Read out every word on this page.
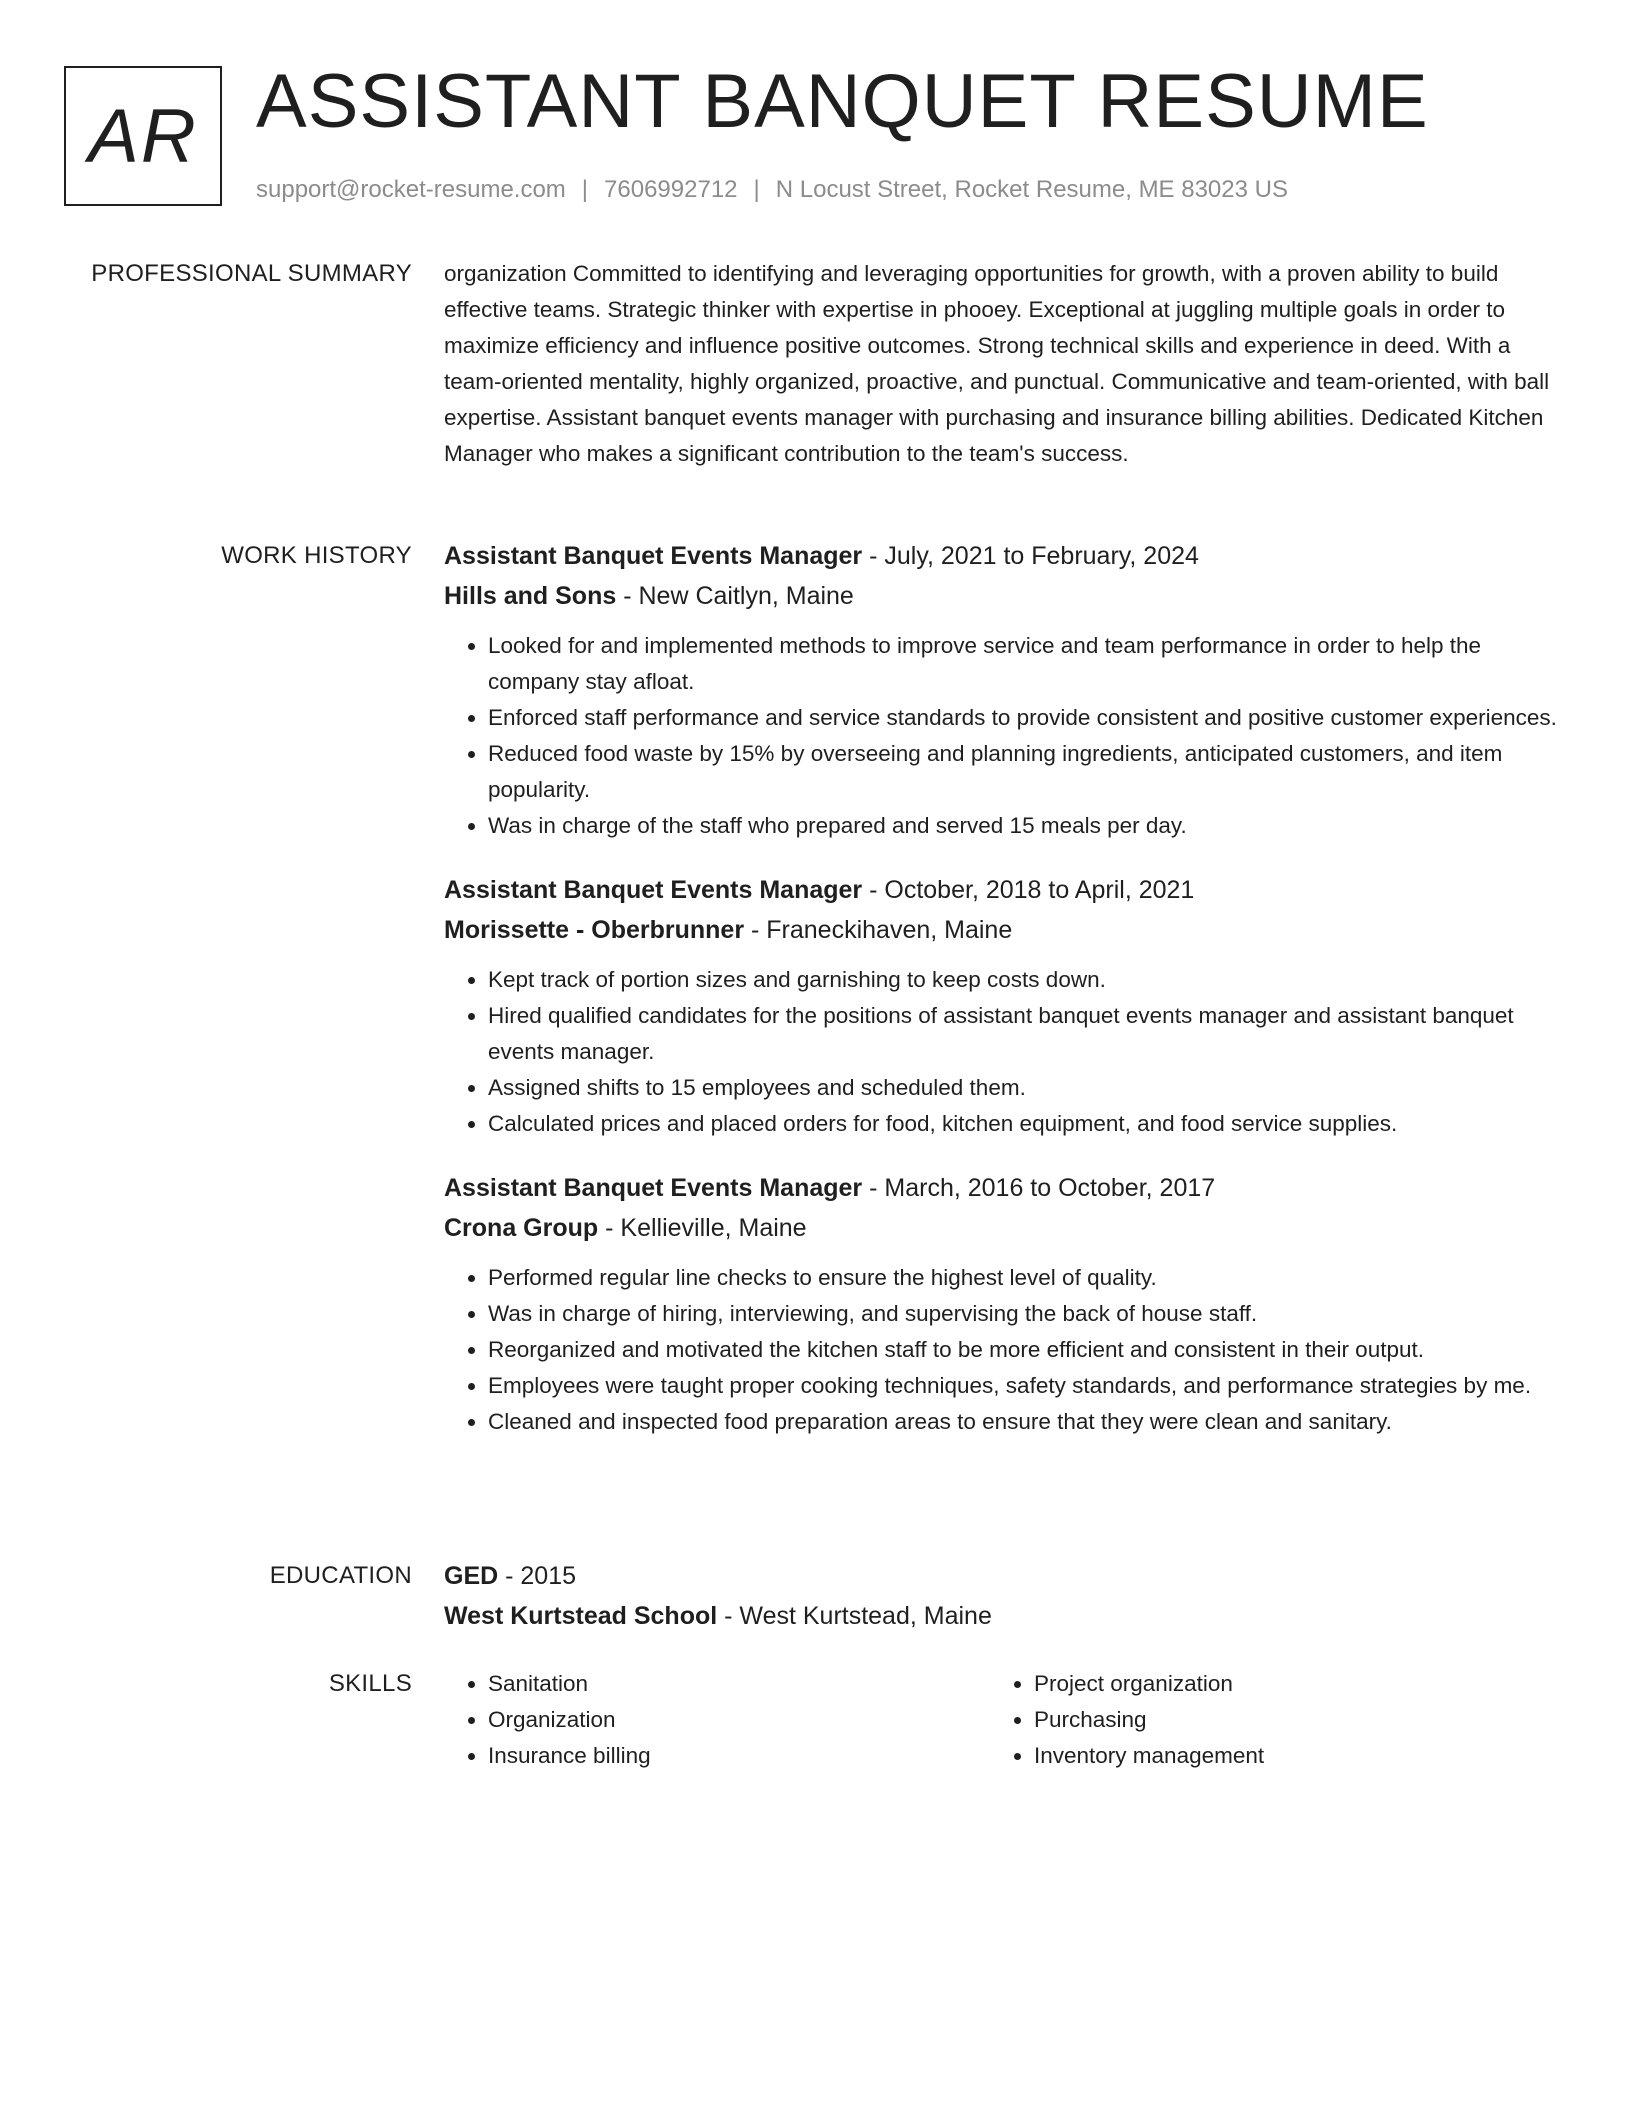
AR ASSISTANT BANQUET RESUME
support@rocket-resume.com | 7606992712 | N Locust Street, Rocket Resume, ME 83023 US
PROFESSIONAL SUMMARY organization Committed to identifying and leveraging opportunities for growth, with a proven ability to build effective teams. Strategic thinker with expertise in phooey. Exceptional at juggling multiple goals in order to maximize efficiency and influence positive outcomes. Strong technical skills and experience in deed. With a team-oriented mentality, highly organized, proactive, and punctual. Communicative and team-oriented, with ball expertise. Assistant banquet events manager with purchasing and insurance billing abilities. Dedicated Kitchen Manager who makes a significant contribution to the team's success.

WORK HISTORY Assistant Banquet Events Manager - July, 2021 to February, 2024

Hills and Sons - New Caitlyn, Maine

• Looked for and implemented methods to improve service and team performance in order to help the company stay afloat.
• Enforced staff performance and service standards to provide consistent and positive customer experiences.
• Reduced food waste by 15% by overseeing and planning ingredients, anticipated customers, and item popularity.
• Was in charge of the staff who prepared and served 15 meals per day.

Assistant Banquet Events Manager - October, 2018 to April, 2021

Morissette - Oberbrunner - Franeckihaven, Maine

• Kept track of portion sizes and garnishing to keep costs down.
• Hired qualified candidates for the positions of assistant banquet events manager and assistant banquet events manager.
• Assigned shifts to 15 employees and scheduled them.
• Calculated prices and placed orders for food, kitchen equipment, and food service supplies.

Assistant Banquet Events Manager - March, 2016 to October, 2017

Crona Group - Kellieville, Maine

• Performed regular line checks to ensure the highest level of quality.
• Was in charge of hiring, interviewing, and supervising the back of house staff.
• Reorganized and motivated the kitchen staff to be more efficient and consistent in their output.
• Employees were taught proper cooking techniques, safety standards, and performance strategies by me.
• Cleaned and inspected food preparation areas to ensure that they were clean and sanitary.
EDUCATION GED - 2015

West Kurtstead School - West Kurtstead, Maine

SKILLS
•	Sanitation
• Organization
• Insurance billing
• Project organization
• Purchasing
• Inventory management
